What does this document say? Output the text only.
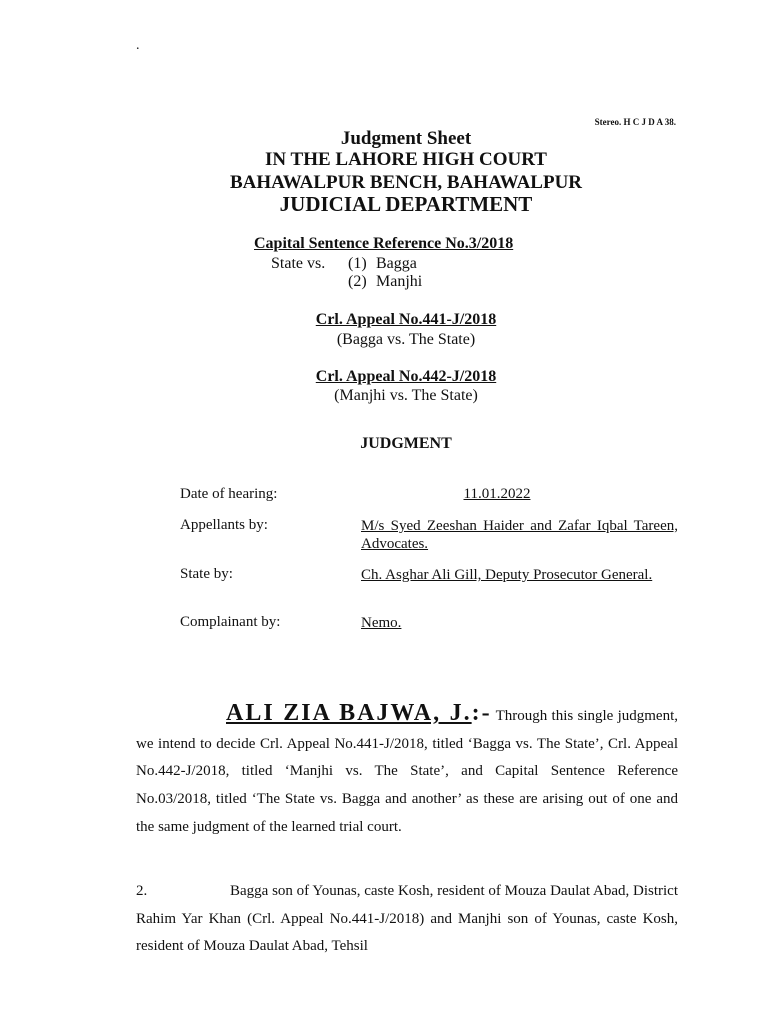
.
Stereo. H C J D A 38.
Judgment Sheet
IN THE LAHORE HIGH COURT
BAHAWALPUR BENCH, BAHAWALPUR
JUDICIAL DEPARTMENT
Capital Sentence Reference No.3/2018
State vs.	(1)	Bagga
	(2)	Manjhi
Crl. Appeal No.441-J/2018
(Bagga vs. The State)
Crl. Appeal No.442-J/2018
(Manjhi vs. The State)
JUDGMENT
Date of hearing:	11.01.2022
Appellants by:	M/s Syed Zeeshan Haider and Zafar Iqbal Tareen, Advocates.
State by:	Ch. Asghar Ali Gill, Deputy Prosecutor General.
Complainant by:	Nemo.
ALI ZIA BAJWA, J.:- Through this single judgment, we intend to decide Crl. Appeal No.441-J/2018, titled ‘Bagga vs. The State’, Crl. Appeal No.442-J/2018, titled ‘Manjhi vs. The State’, and Capital Sentence Reference No.03/2018, titled ‘The State vs. Bagga and another’ as these are arising out of one and the same judgment of the learned trial court.
2.	Bagga son of Younas, caste Kosh, resident of Mouza Daulat Abad, District Rahim Yar Khan (Crl. Appeal No.441-J/2018) and Manjhi son of Younas, caste Kosh, resident of Mouza Daulat Abad, Tehsil
